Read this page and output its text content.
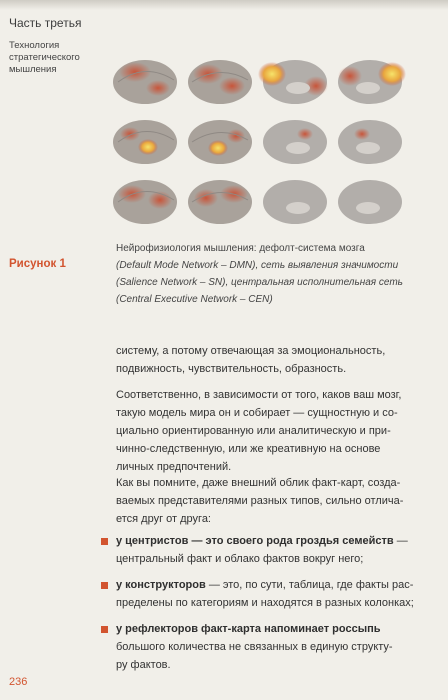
Часть третья
Технология
стратегического
мышления
Рисунок 1
Нейрофизиология мышления: дефолт-система мозга
(Default Mode Network – DMN), сеть выявления значимости
(Salience Network – SN), центральная исполнительная сеть
(Central Executive Network – CEN)
систему, а потому отвечающая за эмоциональность,
подвижность, чувствительность, образность.
Соответственно, в зависимости от того, каков ваш мозг,
такую модель мира он и собирает — сущностную и со-
циально ориентированную или аналитическую и при-
чинно-следственную, или же креативную на основе
личных предпочтений.
Как вы помните, даже внешний облик факт-карт, созда-
ваемых представителями разных типов, сильно отлича-
ется друг от друга:
у центристов — это своего рода гроздья семейств —
центральный факт и облако фактов вокруг него;
у конструкторов — это, по сути, таблица, где факты рас-
пределены по категориям и находятся в разных колонках;
у рефлекторов факт-карта напоминает россыпь
большого количества не связанных в единую структу-
ру фактов.
236
